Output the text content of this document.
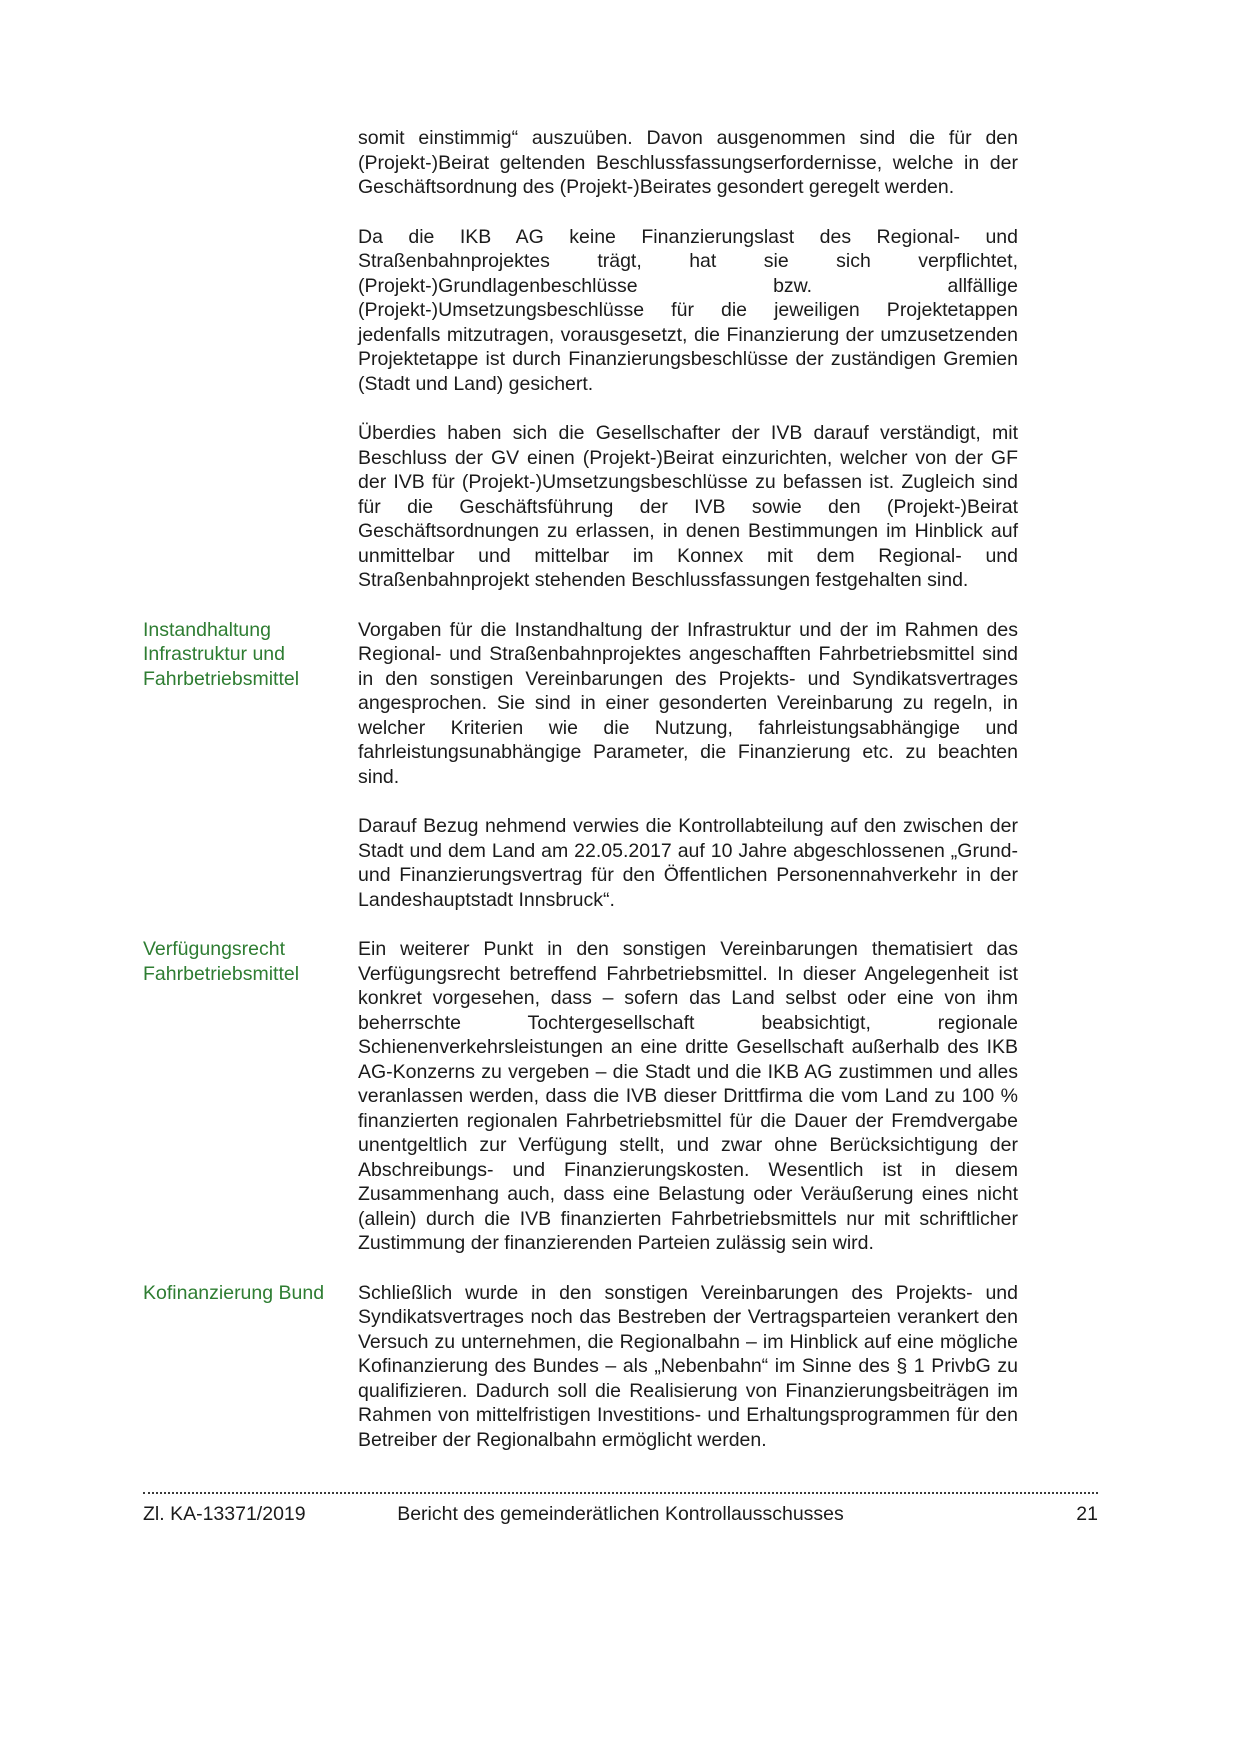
somit einstimmig“ auszuüben. Davon ausgenommen sind die für den (Projekt-)Beirat geltenden Beschlussfassungserfordernisse, welche in der Geschäftsordnung des (Projekt-)Beirates gesondert geregelt werden.

Da die IKB AG keine Finanzierungslast des Regional- und Straßenbahnprojektes trägt, hat sie sich verpflichtet, (Projekt-)Grundlagenbeschlüsse bzw. allfällige (Projekt-)Umsetzungsbeschlüsse für die jeweiligen Projektetappen jedenfalls mitzutragen, vorausgesetzt, die Finanzierung der umzusetzenden Projektetappe ist durch Finanzierungsbeschlüsse der zuständigen Gremien (Stadt und Land) gesichert.

Überdies haben sich die Gesellschafter der IVB darauf verständigt, mit Beschluss der GV einen (Projekt-)Beirat einzurichten, welcher von der GF der IVB für (Projekt-)Umsetzungsbeschlüsse zu befassen ist. Zugleich sind für die Geschäftsführung der IVB sowie den (Projekt-)Beirat Geschäftsordnungen zu erlassen, in denen Bestimmungen im Hinblick auf unmittelbar und mittelbar im Konnex mit dem Regional- und Straßenbahnprojekt stehenden Beschlussfassungen festgehalten sind.

Instandhaltung Infrastruktur und Fahrbetriebsmittel

Vorgaben für die Instandhaltung der Infrastruktur und der im Rahmen des Regional- und Straßenbahnprojektes angeschafften Fahrbetriebsmittel sind in den sonstigen Vereinbarungen des Projekts- und Syndikatsvertrages angesprochen. Sie sind in einer gesonderten Vereinbarung zu regeln, in welcher Kriterien wie die Nutzung, fahrleistungsabhängige und fahrleistungsunabhängige Parameter, die Finanzierung etc. zu beachten sind.

Darauf Bezug nehmend verwies die Kontrollabteilung auf den zwischen der Stadt und dem Land am 22.05.2017 auf 10 Jahre abgeschlossenen „Grund- und Finanzierungsvertrag für den Öffentlichen Personennahverkehr in der Landeshauptstadt Innsbruck“.

Verfügungsrecht Fahrbetriebsmittel

Ein weiterer Punkt in den sonstigen Vereinbarungen thematisiert das Verfügungsrecht betreffend Fahrbetriebsmittel. In dieser Angelegenheit ist konkret vorgesehen, dass – sofern das Land selbst oder eine von ihm beherrschte Tochtergesellschaft beabsichtigt, regionale Schienenverkehrsleistungen an eine dritte Gesellschaft außerhalb des IKB AG-Konzerns zu vergeben – die Stadt und die IKB AG zustimmen und alles veranlassen werden, dass die IVB dieser Drittfirma die vom Land zu 100 % finanzierten regionalen Fahrbetriebsmittel für die Dauer der Fremdvergabe unentgeltlich zur Verfügung stellt, und zwar ohne Berücksichtigung der Abschreibungs- und Finanzierungskosten. Wesentlich ist in diesem Zusammenhang auch, dass eine Belastung oder Veräußerung eines nicht (allein) durch die IVB finanzierten Fahrbetriebsmittels nur mit schriftlicher Zustimmung der finanzierenden Parteien zulässig sein wird.

Kofinanzierung Bund	Schließlich wurde in den sonstigen Vereinbarungen des Projekts- und Syndikatsvertrages noch das Bestreben der Vertragsparteien verankert den Versuch zu unternehmen, die Regionalbahn – im Hinblick auf eine mögliche Kofinanzierung des Bundes – als „Nebenbahn“ im Sinne des § 1 PrivbG zu qualifizieren. Dadurch soll die Realisierung von Finanzierungsbeiträgen im Rahmen von mittelfristigen Investitions- und Erhaltungsprogrammen für den Betreiber der Regionalbahn ermöglicht werden.

Bericht des gemeinderätlichen Kontrollausschusses
Zl. KA-13371/2019	21
